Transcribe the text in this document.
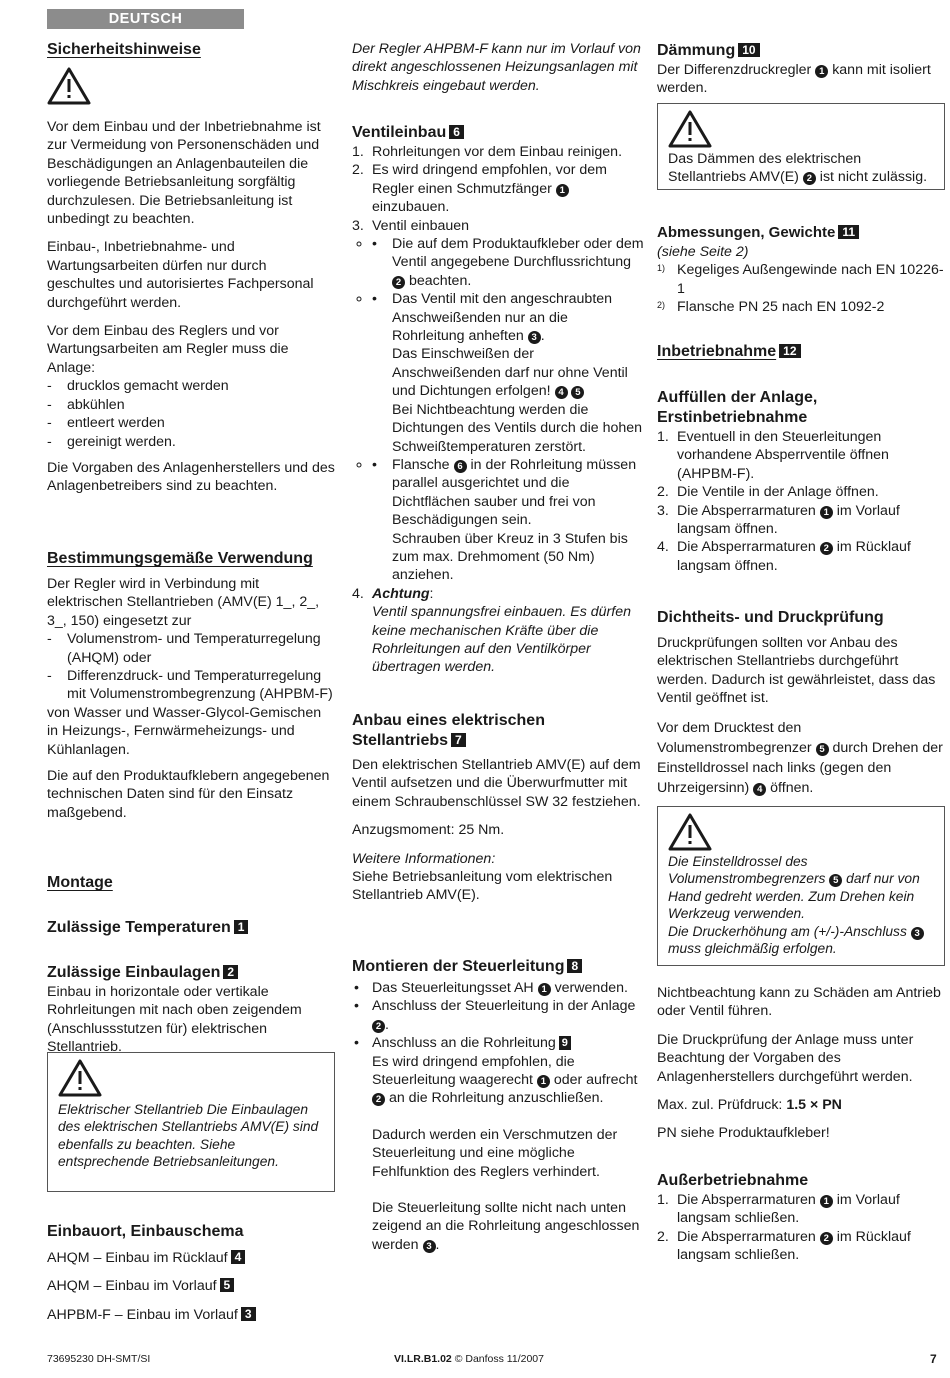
DEUTSCH
Sicherheitshinweise

Vor dem Einbau und der Inbetriebnahme ist zur Vermeidung von Personenschäden und Beschädigungen an Anlagenbauteilen die vorliegende Betriebsanleitung sorgfältig durchzulesen. Die Betriebsanleitung ist unbedingt zu beachten.

Einbau-, Inbetriebnahme- und Wartungsarbeiten dürfen nur durch geschultes und autorisiertes Fachpersonal durchgeführt werden.

Vor dem Einbau des Reglers und vor Wartungsarbeiten am Regler muss die Anlage:

- drucklos gemacht werden
- abkühlen
- entleert werden
- gereinigt werden.

Die Vorgaben des Anlagenherstellers und des Anlagenbetreibers sind zu beachten.

Bestimmungsgemäße Verwendung

Der Regler wird in Verbindung mit elektrischen Stellantrieben (AMV(E) 1_, 2_, 3_, 150) eingesetzt zur

- Volumenstrom- und Temperaturregelung (AHQM) oder
- Differenzdruck- und Temperaturregelung mit Volumenstrombegrenzung (AHPBM-F)

von Wasser und Wasser-Glycol-Gemischen in Heizungs-, Fernwärmeheizungs- und Kühlanlagen.

Die auf den Produktaufklebern angegebenen technischen Daten sind für den Einsatz maßgebend.

Montage
Zulässige Temperaturen 1
Zulässige Einbaulagen 2

Einbau in horizontale oder vertikale Rohrleitungen mit nach oben zeigendem (Anschlussstutzen für) elektrischen Stellantrieb.

Elektrischer Stellantrieb Die Einbaulagen des elektrischen Stellantriebs AMV(E) sind ebenfalls zu beachten. Siehe entsprechende Betriebsanleitungen.

Einbauort, Einbauschema

AHQM – Einbau im Rücklauf 4

AHQM – Einbau im Vorlauf 5

AHPBM-F – Einbau im Vorlauf 3

Der Regler AHPBM-F kann nur im Vorlauf von direkt angeschlossenen Heizungsanlagen mit Mischkreis eingebaut werden.

Ventileinbau 6
1. Rohrleitungen vor dem Einbau reinigen.
2. Es wird dringend empfohlen, vor dem Regler einen Schmutzfänger 1 einzubauen.
3. Ventil einbauen
• ◦ Die auf dem Produktaufkleber oder dem Ventil angegebene Durchflussrichtung 2 beachten.
• ◦ Das Ventil mit den angeschraubten Anschweißenden nur an die Rohrleitung anheften 3 .
Das Einschweißen der Anschweißenden darf nur ohne Ventil und Dichtungen erfolgen! 4 5
Bei Nichtbeachtung werden die Dichtungen des Ventils durch die hohen Schweißtemperaturen zerstört.
• ◦ Flansche 6 in der Rohrleitung müssen parallel ausgerichtet und die Dichtflächen sauber und frei von Beschädigungen sein.
Schrauben über Kreuz in 3 Stufen bis zum max. Drehmoment (50 Nm) anziehen.
4. Achtung:
Ventil spannungsfrei einbauen. Es dürfen keine mechanischen Kräfte über die Rohrleitungen auf den Ventilkörper übertragen werden.
Anbau eines elektrischen
Stellantriebs 7

Den elektrischen Stellantrieb AMV(E) auf dem Ventil aufsetzen und die Überwurfmutter mit einem Schraubenschlüssel SW 32 festziehen.

Anzugsmoment: 25 Nm.

Weitere Informationen:

Siehe Betriebsanleitung vom elektrischen Stellantrieb AMV(E).

Montieren der Steuerleitung 8
• Das Steuerleitungsset AH 1 verwenden.
• Anschluss der Steuerleitung in der Anlage 2 .
• Anschluss an die Rohrleitung 9
Es wird dringend empfohlen, die Steuerleitung waagerecht 1 oder aufrecht 2 an die Rohrleitung anzuschließen.
Dadurch werden ein Verschmutzen der Steuerleitung und eine mögliche Fehlfunktion des Reglers verhindert.
Die Steuerleitung sollte nicht nach unten zeigend an die Rohrleitung angeschlossen werden 3 .
Dämmung 10

Der Differenzdruckregler 1 kann mit isoliert werden.

Das Dämmen des elektrischen Stellantriebs AMV(E) 2 ist nicht zulässig.

Abmessungen, Gewichte 11

(siehe Seite 2)

1) Kegeliges Außengewinde nach EN 10226-1
2) Flansche PN 25 nach EN 1092-2
Inbetriebnahme 12
Auffüllen der Anlage,
Erstinbetriebnahme
1. Eventuell in den Steuerleitungen vorhandene Absperrventile öffnen (AHPBM-F).
2. Die Ventile in der Anlage öffnen.
3. Die Absperrarmaturen 1 im Vorlauf langsam öffnen.
4. Die Absperrarmaturen 2 im Rücklauf langsam öffnen.
Dichtheits- und Druckprüfung

Druckprüfungen sollten vor Anbau des elektrischen Stellantriebs durchgeführt werden. Dadurch ist gewährleistet, dass das Ventil geöffnet ist.

Vor dem Drucktest den Volumenstrombegrenzer 5 durch Drehen der Einstelldrossel nach links (gegen den Uhrzeigersinn) 4 öffnen.

Die Einstelldrossel des Volumenstrombegrenzers 5 darf nur von Hand gedreht werden. Zum Drehen kein Werkzeug verwenden.
Die Druckerhöhung am (+/-)-Anschluss 3muss gleichmäßig erfolgen.

Nichtbeachtung kann zu Schäden am Antrieb oder Ventil führen.

Die Druckprüfung der Anlage muss unter Beachtung der Vorgaben des Anlagenherstellers durchgeführt werden.

Max. zul. Prüfdruck: 1.5 × PN

PN siehe Produktaufkleber!

Außerbetriebnahme
1. Die Absperrarmaturen 1 im Vorlauf langsam schließen.
2. Die Absperrarmaturen 2 im Rücklauf langsam schließen.
73695230 DH-SMT/SI	VI.LR.B1.02 © Danfoss 11/2007	7
